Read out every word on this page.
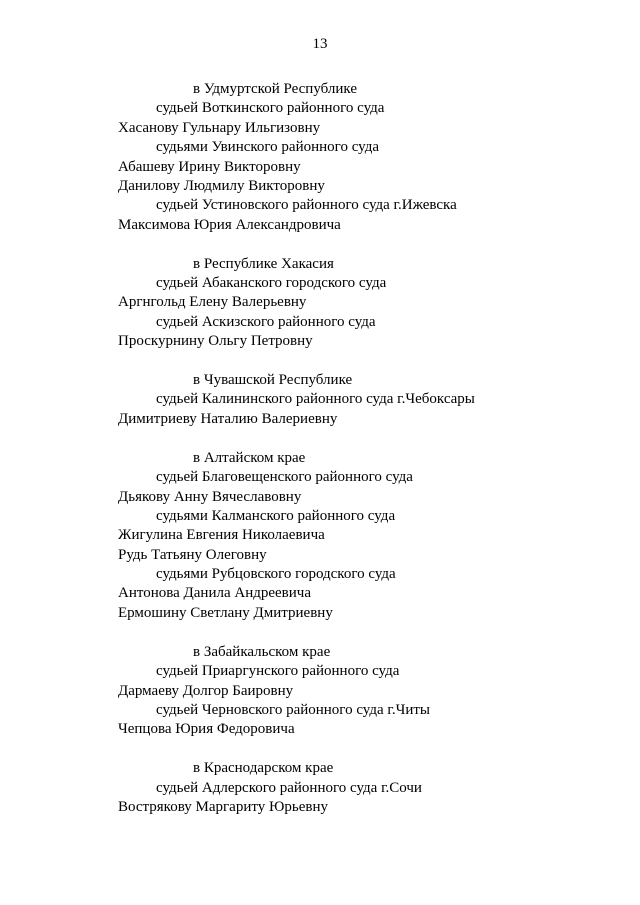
13
в Удмуртской Республике
судьей Воткинского районного суда
Хасанову Гульнару Ильгизовну
судьями Увинского районного суда
Абашеву Ирину Викторовну
Данилову Людмилу Викторовну
судьей Устиновского районного суда г.Ижевска
Максимова Юрия Александровича
в Республике Хакасия
судьей Абаканского городского суда
Аргнгольд Елену Валерьевну
судьей Аскизского районного суда
Проскурнину Ольгу Петровну
в Чувашской Республике
судьей Калининского районного суда г.Чебоксары
Димитриеву Наталию Валериевну
в Алтайском крае
судьей Благовещенского районного суда
Дьякову Анну Вячеславовну
судьями Калманского районного суда
Жигулина Евгения Николаевича
Рудь Татьяну Олеговну
судьями Рубцовского городского суда
Антонова Данила Андреевича
Ермошину Светлану Дмитриевну
в Забайкальском крае
судьей Приаргунского районного суда
Дармаеву Долгор Баировну
судьей Черновского районного суда г.Читы
Чепцова Юрия Федоровича
в Краснодарском крае
судьей Адлерского районного суда г.Сочи
Вострякову Маргариту Юрьевну
